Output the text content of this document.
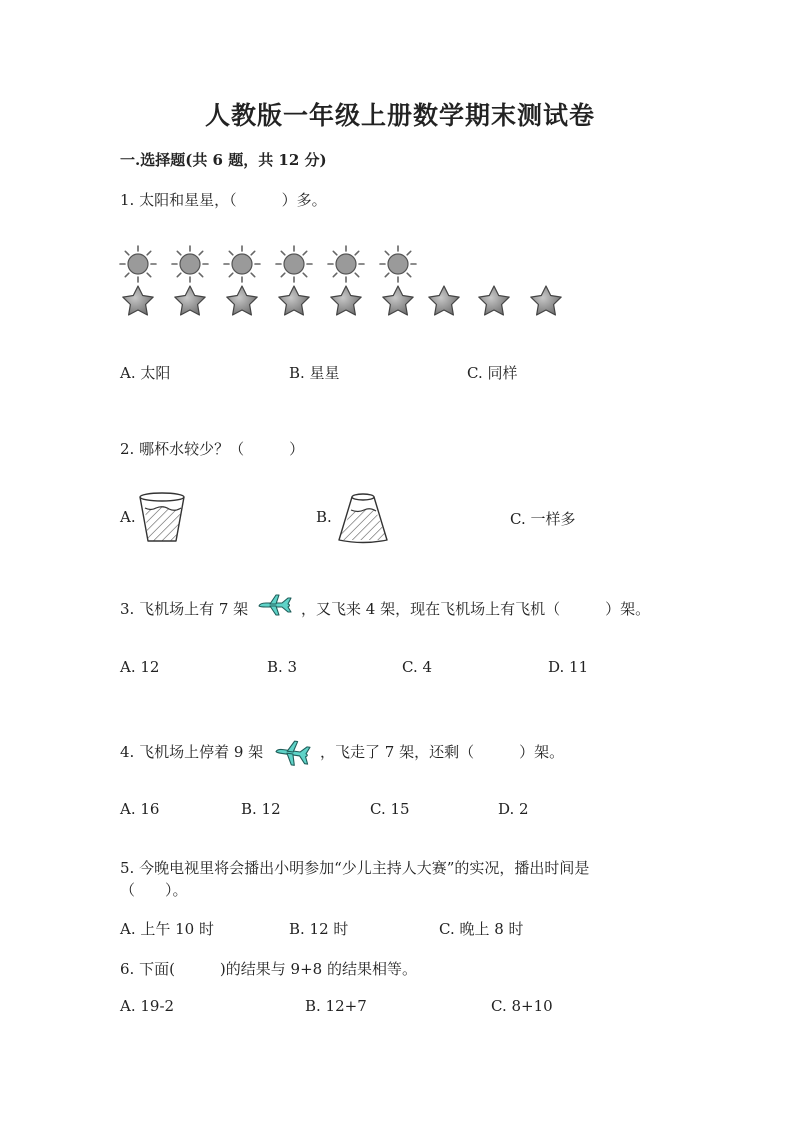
人教版一年级上册数学期末测试卷
一.选择题(共 6 题，共 12 分)
1. 太阳和星星，（　　　）多。
A. 太阳	B. 星星	C. 同样
2. 哪杯水较少？（　　　）
A.	B.	C. 一样多
3. 飞机场上有 7 架	，又飞来 4 架，现在飞机场上有飞机（　　　）架。
A. 12	B. 3	C. 4	D. 11
4. 飞机场上停着 9 架	，飞走了 7 架，还剩（　　　）架。
A. 16	B. 12	C. 15	D. 2
5. 今晚电视里将会播出小明参加“少儿主持人大赛”的实况，播出时间是
（　　）。
A. 上午 10 时	B. 12 时	C. 晚上 8 时
6. 下面(　　　)的结果与 9+8 的结果相等。
A. 19-2	B. 12+7	C. 8+10
